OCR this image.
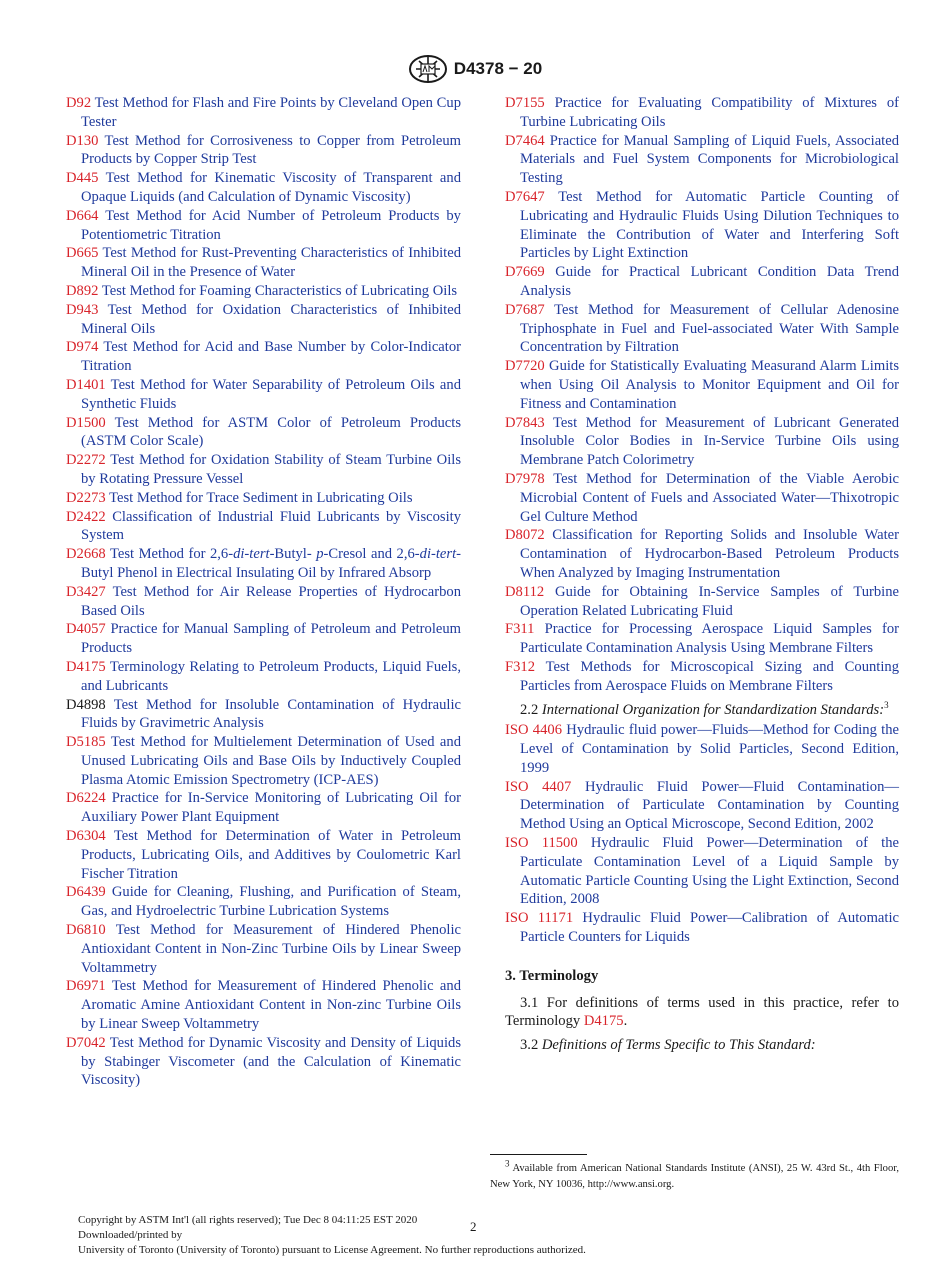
D4378 − 20

D92 Test Method for Flash and Fire Points by Cleveland Open Cup Tester

D130 Test Method for Corrosiveness to Copper from Petroleum Products by Copper Strip Test

D445 Test Method for Kinematic Viscosity of Transparent and Opaque Liquids (and Calculation of Dynamic Viscosity)

D664 Test Method for Acid Number of Petroleum Products by Potentiometric Titration

D665 Test Method for Rust-Preventing Characteristics of Inhibited Mineral Oil in the Presence of Water

D892 Test Method for Foaming Characteristics of Lubricating Oils

D943 Test Method for Oxidation Characteristics of Inhibited Mineral Oils

D974 Test Method for Acid and Base Number by Color-Indicator Titration

D1401 Test Method for Water Separability of Petroleum Oils and Synthetic Fluids

D1500 Test Method for ASTM Color of Petroleum Products (ASTM Color Scale)

D2272 Test Method for Oxidation Stability of Steam Turbine Oils by Rotating Pressure Vessel

D2273 Test Method for Trace Sediment in Lubricating Oils

D2422 Classification of Industrial Fluid Lubricants by Viscosity System

D2668 Test Method for 2,6-di-tert-Butyl- p-Cresol and 2,6-di-tert-Butyl Phenol in Electrical Insulating Oil by Infrared Absorp

D3427 Test Method for Air Release Properties of Hydrocarbon Based Oils

D4057 Practice for Manual Sampling of Petroleum and Petroleum Products

D4175 Terminology Relating to Petroleum Products, Liquid Fuels, and Lubricants

D4898 Test Method for Insoluble Contamination of Hydraulic Fluids by Gravimetric Analysis

D5185 Test Method for Multielement Determination of Used and Unused Lubricating Oils and Base Oils by Inductively Coupled Plasma Atomic Emission Spectrometry (ICP-AES)

D6224 Practice for In-Service Monitoring of Lubricating Oil for Auxiliary Power Plant Equipment

D6304 Test Method for Determination of Water in Petroleum Products, Lubricating Oils, and Additives by Coulometric Karl Fischer Titration

D6439 Guide for Cleaning, Flushing, and Purification of Steam, Gas, and Hydroelectric Turbine Lubrication Systems

D6810 Test Method for Measurement of Hindered Phenolic Antioxidant Content in Non-Zinc Turbine Oils by Linear Sweep Voltammetry

D6971 Test Method for Measurement of Hindered Phenolic and Aromatic Amine Antioxidant Content in Non-zinc Turbine Oils by Linear Sweep Voltammetry

D7042 Test Method for Dynamic Viscosity and Density of Liquids by Stabinger Viscometer (and the Calculation of Kinematic Viscosity)

D7155 Practice for Evaluating Compatibility of Mixtures of Turbine Lubricating Oils

D7464 Practice for Manual Sampling of Liquid Fuels, Associated Materials and Fuel System Components for Microbiological Testing

D7647 Test Method for Automatic Particle Counting of Lubricating and Hydraulic Fluids Using Dilution Techniques to Eliminate the Contribution of Water and Interfering Soft Particles by Light Extinction

D7669 Guide for Practical Lubricant Condition Data Trend Analysis

D7687 Test Method for Measurement of Cellular Adenosine Triphosphate in Fuel and Fuel-associated Water With Sample Concentration by Filtration

D7720 Guide for Statistically Evaluating Measurand Alarm Limits when Using Oil Analysis to Monitor Equipment and Oil for Fitness and Contamination

D7843 Test Method for Measurement of Lubricant Generated Insoluble Color Bodies in In-Service Turbine Oils using Membrane Patch Colorimetry

D7978 Test Method for Determination of the Viable Aerobic Microbial Content of Fuels and Associated Water—Thixotropic Gel Culture Method

D8072 Classification for Reporting Solids and Insoluble Water Contamination of Hydrocarbon-Based Petroleum Products When Analyzed by Imaging Instrumentation

D8112 Guide for Obtaining In-Service Samples of Turbine Operation Related Lubricating Fluid

F311 Practice for Processing Aerospace Liquid Samples for Particulate Contamination Analysis Using Membrane Filters

F312 Test Methods for Microscopical Sizing and Counting Particles from Aerospace Fluids on Membrane Filters

2.2 International Organization for Standardization Standards:$^3$

ISO 4406 Hydraulic fluid power—Fluids—Method for Coding the Level of Contamination by Solid Particles, Second Edition, 1999

ISO 4407 Hydraulic Fluid Power—Fluid Contamination—Determination of Particulate Contamination by Counting Method Using an Optical Microscope, Second Edition, 2002

ISO 11500 Hydraulic Fluid Power—Determination of the Particulate Contamination Level of a Liquid Sample by Automatic Particle Counting Using the Light Extinction, Second Edition, 2008

ISO 11171 Hydraulic Fluid Power—Calibration of Automatic Particle Counters for Liquids

3. Terminology

3.1 For definitions of terms used in this practice, refer to Terminology D4175.

3.2 Definitions of Terms Specific to This Standard:

$^3$ Available from American National Standards Institute (ANSI), 25 W. 43rd St., 4th Floor, New York, NY 10036, http://www.ansi.org.
Copyright by ASTM Int'l (all rights reserved); Tue Dec 8 04:11:25 EST 2020
Downloaded/printed by
University of Toronto (University of Toronto) pursuant to License Agreement. No further reproductions authorized.
2
